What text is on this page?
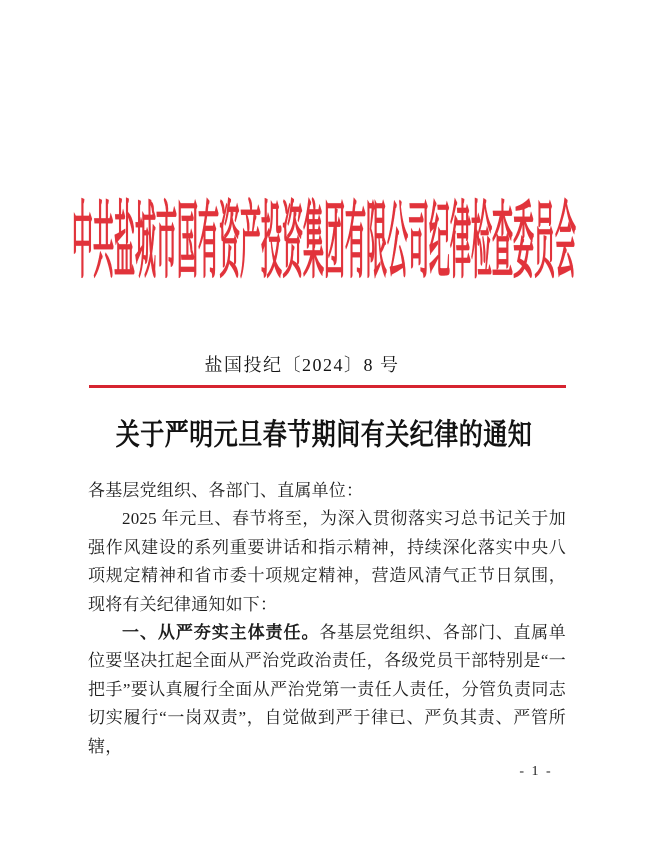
中共盐城市国有资产投资集团有限公司纪律检查委员会
盐国投纪〔2024〕8 号
关于严明元旦春节期间有关纪律的通知

各基层党组织、各部门、直属单位：

2025 年元旦、春节将至，为深入贯彻落实习总书记关于加强作风建设的系列重要讲话和指示精神，持续深化落实中央八项规定精神和省市委十项规定精神，营造风清气正节日氛围，现将有关纪律通知如下：

一、从严夯实主体责任。各基层党组织、各部门、直属单位要坚决扛起全面从严治党政治责任，各级党员干部特别是“一把手”要认真履行全面从严治党第一责任人责任，分管负责同志切实履行“一岗双责”，自觉做到严于律已、严负其责、严管所辖，

- 1 -
